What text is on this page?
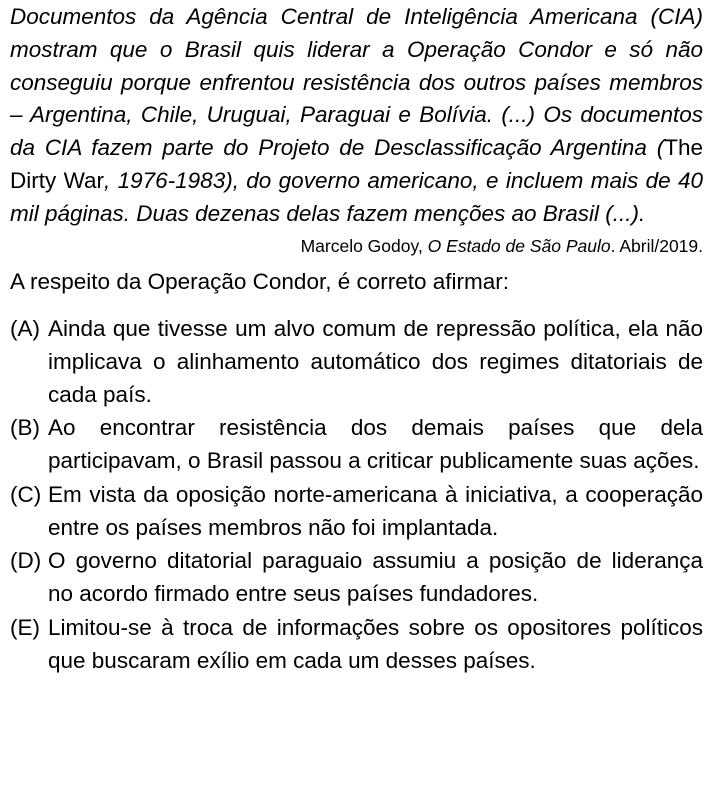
Documentos da Agência Central de Inteligência Americana (CIA) mostram que o Brasil quis liderar a Operação Condor e só não conseguiu porque enfrentou resistência dos outros países membros – Argentina, Chile, Uruguai, Paraguai e Bolívia. (...) Os documentos da CIA fazem parte do Projeto de Desclassificação Argentina (The Dirty War, 1976-1983), do governo americano, e incluem mais de 40 mil páginas. Duas dezenas delas fazem menções ao Brasil (...).

Marcelo Godoy, O Estado de São Paulo. Abril/2019.

A respeito da Operação Condor, é correto afirmar:

(A) Ainda que tivesse um alvo comum de repressão política, ela não implicava o alinhamento automático dos regimes ditatoriais de cada país.
(B) Ao encontrar resistência dos demais países que dela participavam, o Brasil passou a criticar publicamente suas ações.
(C) Em vista da oposição norte-americana à iniciativa, a cooperação entre os países membros não foi implantada.
(D) O governo ditatorial paraguaio assumiu a posição de liderança no acordo firmado entre seus países fundadores.
(E) Limitou-se à troca de informações sobre os opositores políticos que buscaram exílio em cada um desses países.
